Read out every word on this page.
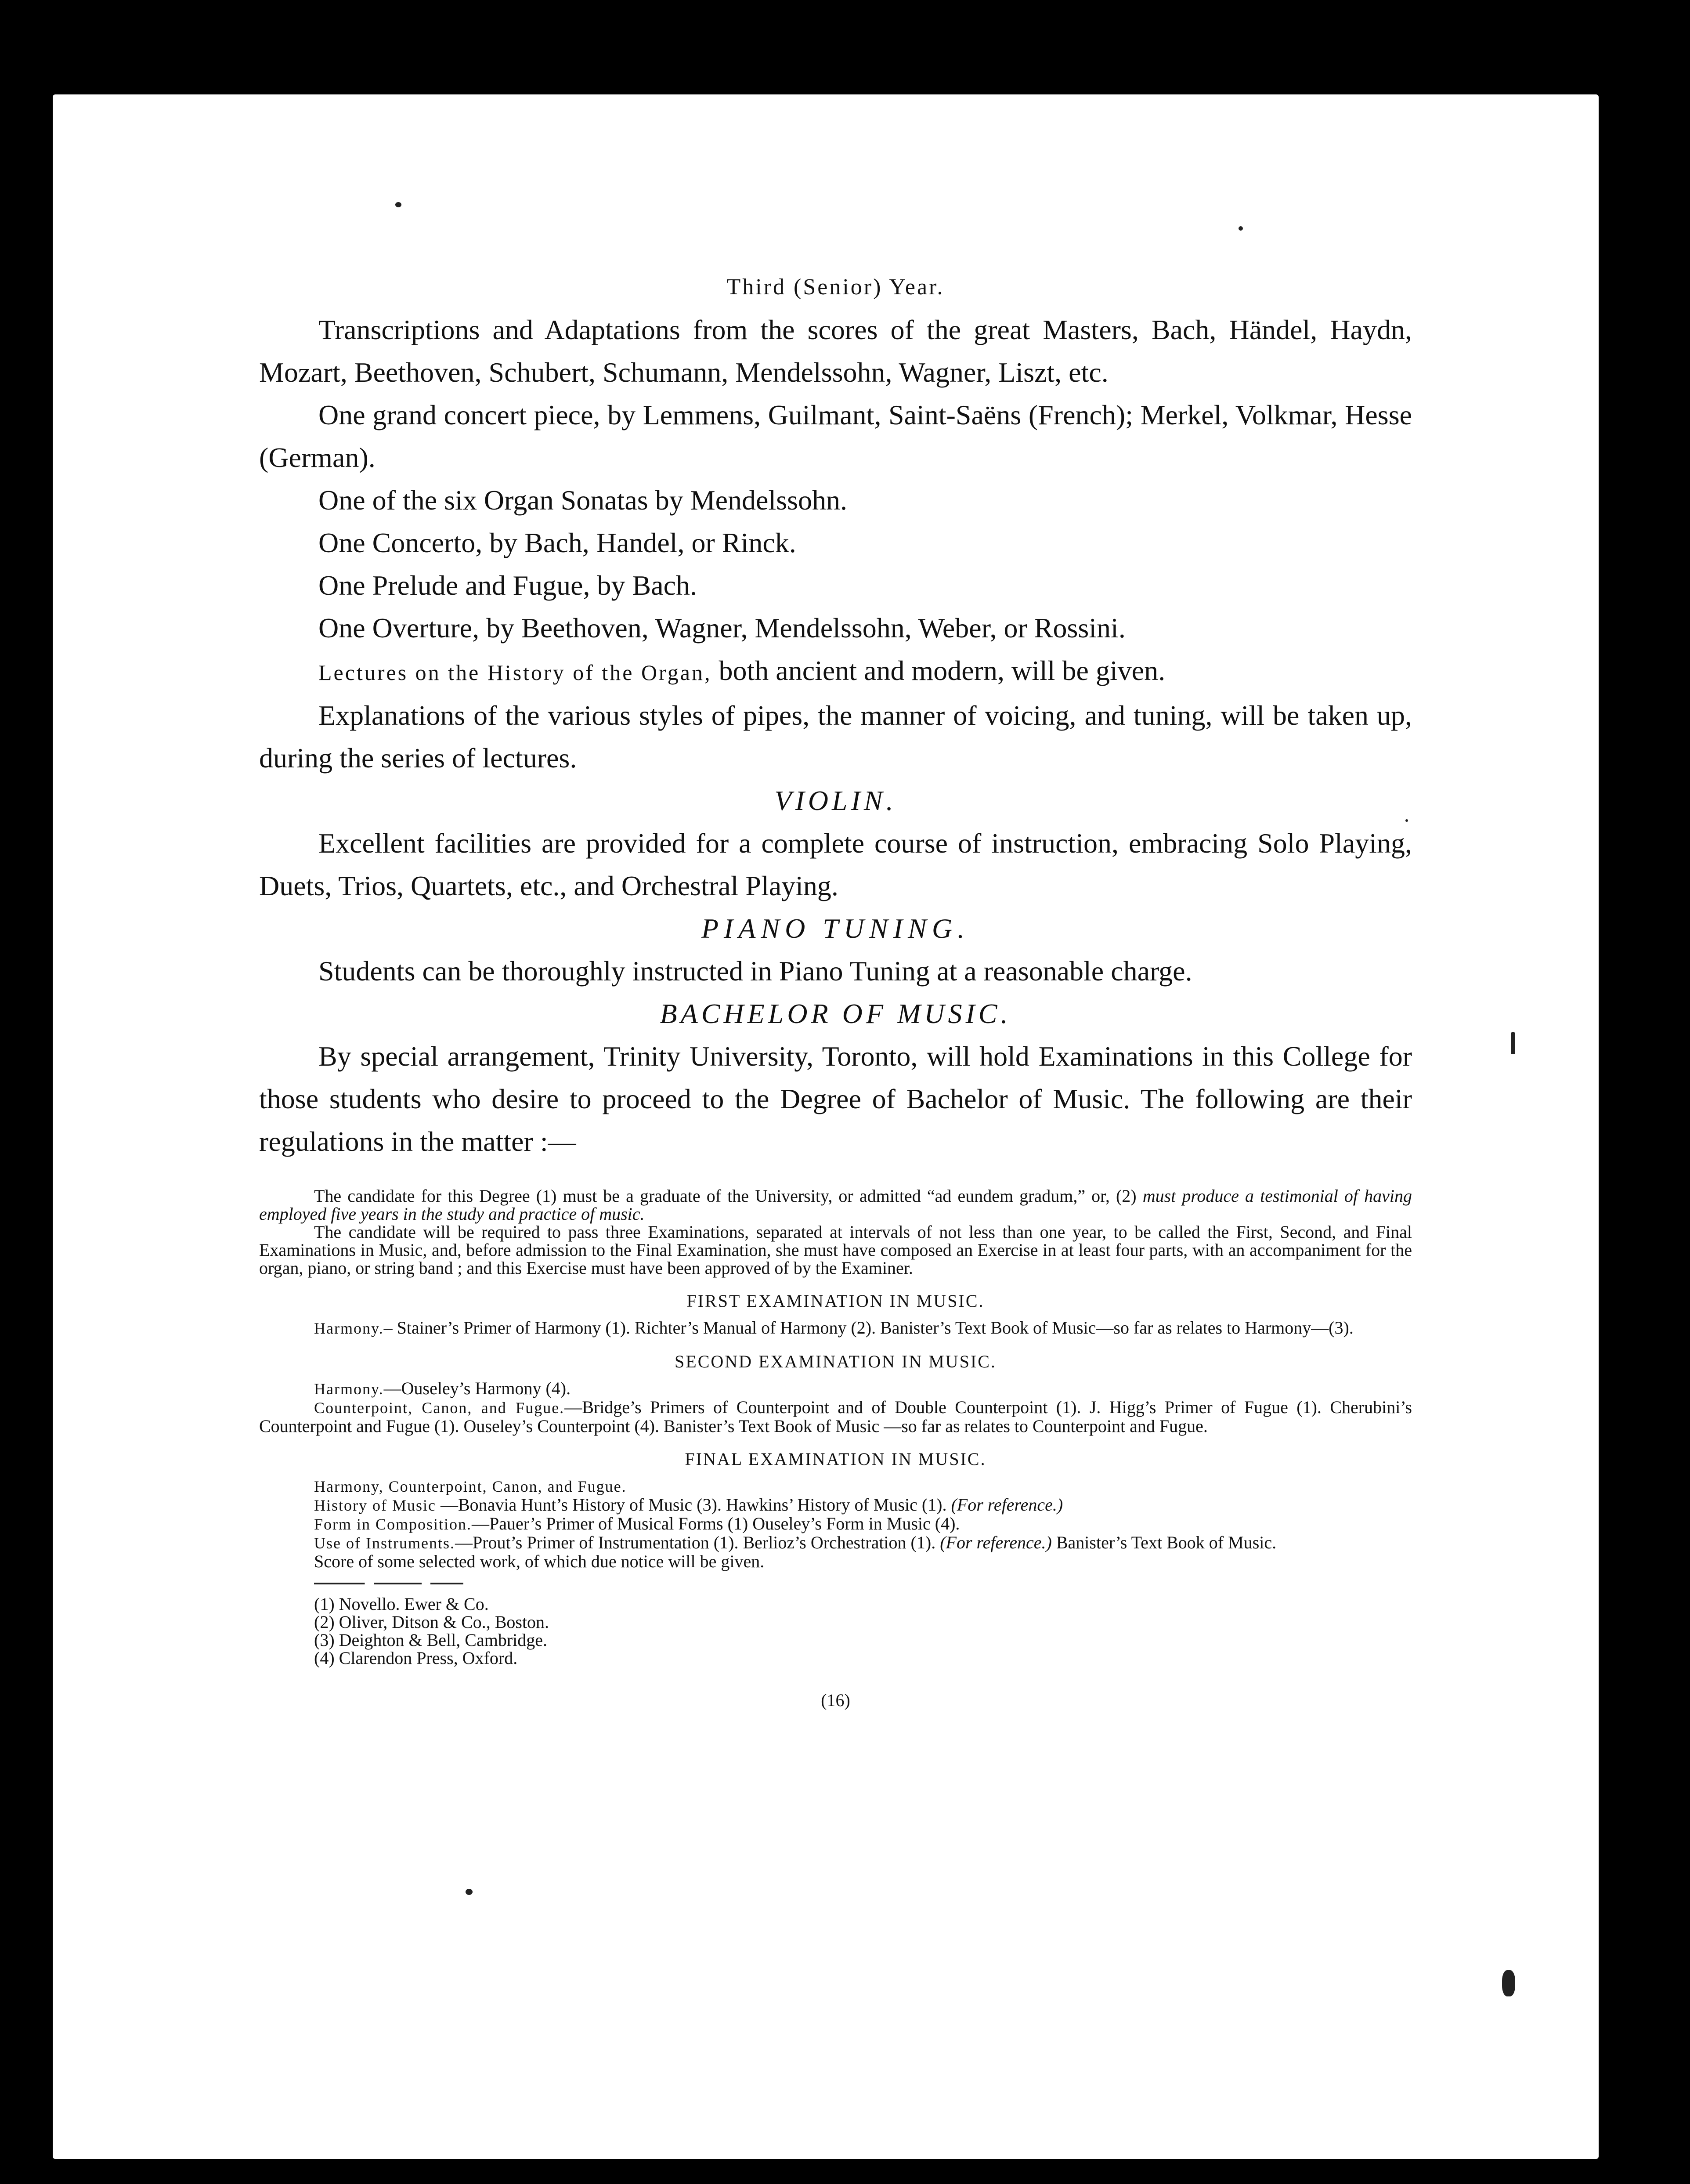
Third (Senior) Year.

Transcriptions and Adaptations from the scores of the great Masters, Bach, Händel, Haydn, Mozart, Beethoven, Schubert, Schumann, Mendelssohn, Wagner, Liszt, etc.

One grand concert piece, by Lemmens, Guilmant, Saint-Saëns (French); Merkel, Volkmar, Hesse (German).

One of the six Organ Sonatas by Mendelssohn.

One Concerto, by Bach, Handel, or Rinck.

One Prelude and Fugue, by Bach.

One Overture, by Beethoven, Wagner, Mendelssohn, Weber, or Rossini.

Lectures on the History of the Organ, both ancient and modern, will be given.

Explanations of the various styles of pipes, the manner of voicing, and tuning, will be taken up, during the series of lectures.

VIOLIN.

Excellent facilities are provided for a complete course of instruction, embracing Solo Playing, Duets, Trios, Quartets, etc., and Orchestral Playing.

PIANO TUNING.

Students can be thoroughly instructed in Piano Tuning at a reasonable charge.

BACHELOR OF MUSIC.

By special arrangement, Trinity University, Toronto, will hold Examinations in this College for those students who desire to proceed to the Degree of Bachelor of Music. The following are their regulations in the matter :—

The candidate for this Degree (1) must be a graduate of the University, or admitted “ad eundem gradum,” or, (2) must produce a testimonial of having employed five years in the study and practice of music.

The candidate will be required to pass three Examinations, separated at intervals of not less than one year, to be called the First, Second, and Final Examinations in Music, and, before admission to the Final Examination, she must have composed an Exercise in at least four parts, with an accompaniment for the organ, piano, or string band ; and this Exercise must have been approved of by the Examiner.

FIRST EXAMINATION IN MUSIC.

Harmony.– Stainer’s Primer of Harmony (1). Richter’s Manual of Harmony (2). Banister’s Text Book of Music—so far as relates to Harmony—(3).

SECOND EXAMINATION IN MUSIC.

Harmony.—Ouseley’s Harmony (4).

Counterpoint, Canon, and Fugue.—Bridge’s Primers of Counterpoint and of Double Counterpoint (1). J. Higg’s Primer of Fugue (1). Cherubini’s Counterpoint and Fugue (1). Ouseley’s Counterpoint (4). Banister’s Text Book of Music —so far as relates to Counterpoint and Fugue.

FINAL EXAMINATION IN MUSIC.

Harmony, Counterpoint, Canon, and Fugue.

History of Music —Bonavia Hunt’s History of Music (3). Hawkins’ History of Music (1). (For reference.)

Form in Composition.—Pauer’s Primer of Musical Forms (1) Ouseley’s Form in Music (4).

Use of Instruments.—Prout’s Primer of Instrumentation (1). Berlioz’s Orchestration (1). (For reference.) Banister’s Text Book of Music.

Score of some selected work, of which due notice will be given.

(1) Novello. Ewer & Co.

(2) Oliver, Ditson & Co., Boston.

(3) Deighton & Bell, Cambridge.

(4) Clarendon Press, Oxford.

(16)
